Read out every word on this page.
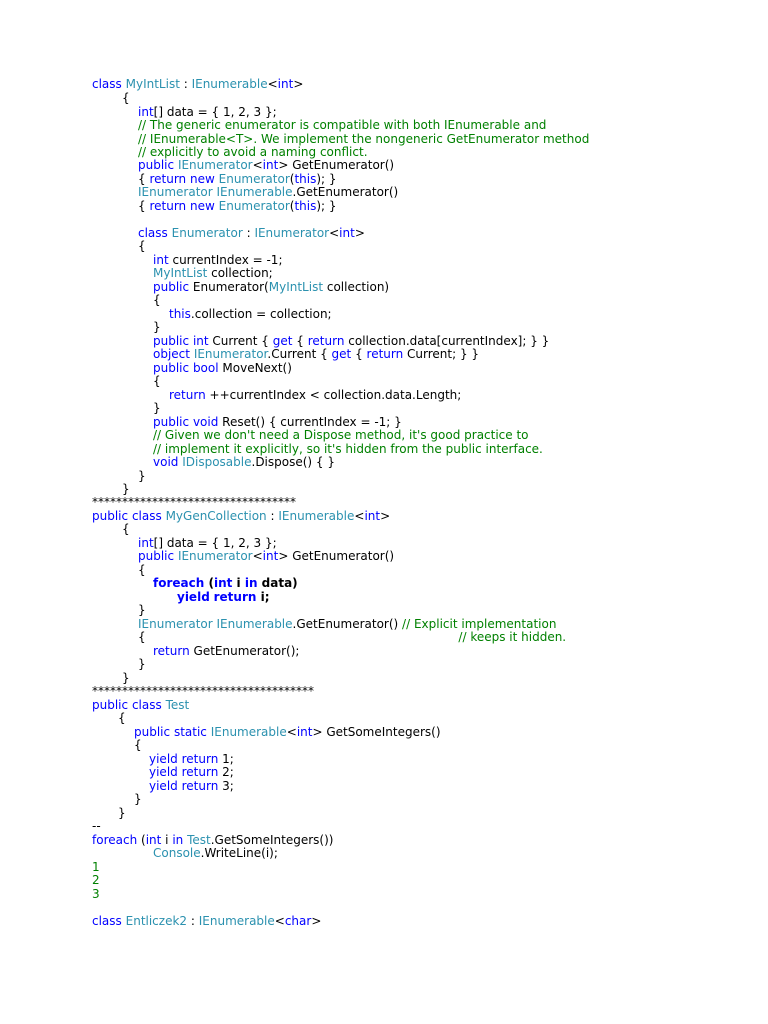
class MyIntList : IEnumerable<int>
{
int[] data = { 1, 2, 3 };
// The generic enumerator is compatible with both IEnumerable and
// IEnumerable<T>. We implement the nongeneric GetEnumerator method
// explicitly to avoid a naming conflict.
public IEnumerator<int> GetEnumerator()
{ return new Enumerator(this); }
IEnumerator IEnumerable.GetEnumerator()
{ return new Enumerator(this); }
class Enumerator : IEnumerator<int>
{
int currentIndex = -1;
MyIntList collection;
public Enumerator(MyIntList collection)
{
this.collection = collection;
}
public int Current { get { return collection.data[currentIndex]; } }
object IEnumerator.Current { get { return Current; } }
public bool MoveNext()
{
return ++currentIndex < collection.data.Length;
}
public void Reset() { currentIndex = -1; }
// Given we don't need a Dispose method, it's good practice to
// implement it explicitly, so it's hidden from the public interface.
void IDisposable.Dispose() { }
}
}
**********************************
public class MyGenCollection : IEnumerable<int>
{
int[] data = { 1, 2, 3 };
public IEnumerator<int> GetEnumerator()
{
foreach (int i in data)
yield return i;
}
IEnumerator IEnumerable.GetEnumerator() // Explicit implementation
{                                                                                  // keeps it hidden.
return GetEnumerator();
}
}
*************************************
public class Test
{
public static IEnumerable<int> GetSomeIntegers()
{
yield return 1;
yield return 2;
yield return 3;
}
}
--
foreach (int i in Test.GetSomeIntegers())
Console.WriteLine(i);
1
2
3
class Entliczek2 : IEnumerable<char>
